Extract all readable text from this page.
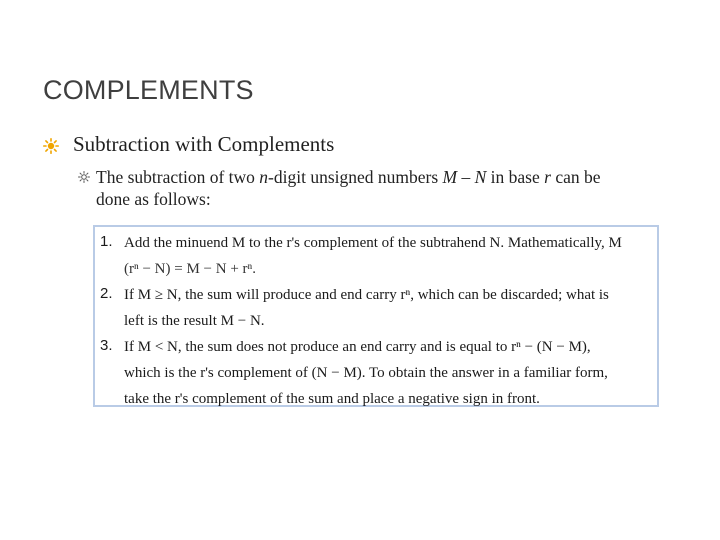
COMPLEMENTS
Subtraction with Complements
The subtraction of two n-digit unsigned numbers M – N in base r can be done as follows:
1. Add the minuend M to the r's complement of the subtrahend N. Mathematically, M
(rⁿ − N) = M − N + rⁿ.
2. If M ≥ N, the sum will produce and end carry rⁿ, which can be discarded; what is
left is the result M − N.
3. If M < N, the sum does not produce an end carry and is equal to rⁿ − (N − M),
which is the r's complement of (N − M). To obtain the answer in a familiar form,
take the r's complement of the sum and place a negative sign in front.
